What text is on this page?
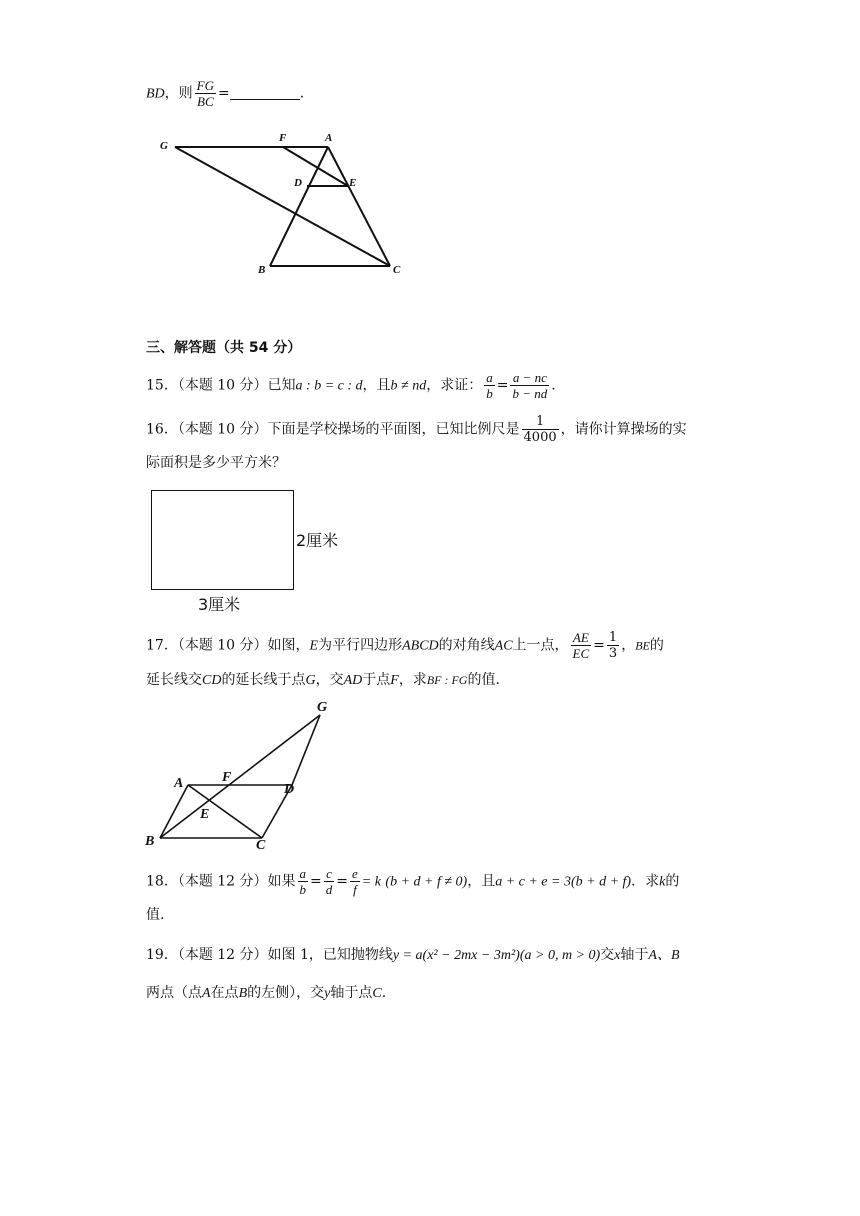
BD，则 $\frac{FG}{BC}$ =	.
G
F	A
D	E
B	C
三、解答题（共 54 分）
15．（本题 10 分）已知a : b = c : d，且b ≠ nd，求证： $\frac{a}{b} = \frac{a - nc}{b - nd}$ .
16．（本题 10 分）下面是学校操场的平面图，已知比例尺是 $\frac{1}{4000}$ ，请你计算操场的实
际面积是多少平方米？
2厘米
3厘米
17．（本题 10 分）如图，E为平行四边形ABCD的对角线AC上一点， $\frac{AE}{EC} = \frac{1}{3}$ ，BE的
延长线交CD的延长线于点G，交AD于点F，求BF : FG的值.
G
A	F
D
E
B	C
18．（本题 12 分）如果 $\frac{a}{b} = \frac{c}{d} = \frac{e}{f} = k$ (b + d + f ≠ 0)，且a + c + e = 3(b + d + f)．求k的
值.
19．（本题 12 分）如图 1，已知抛物线y = a(x² − 2mx − 3m²)(a > 0, m > 0)交x轴于A、B
两点（点A在点B的左侧），交y轴于点C.
